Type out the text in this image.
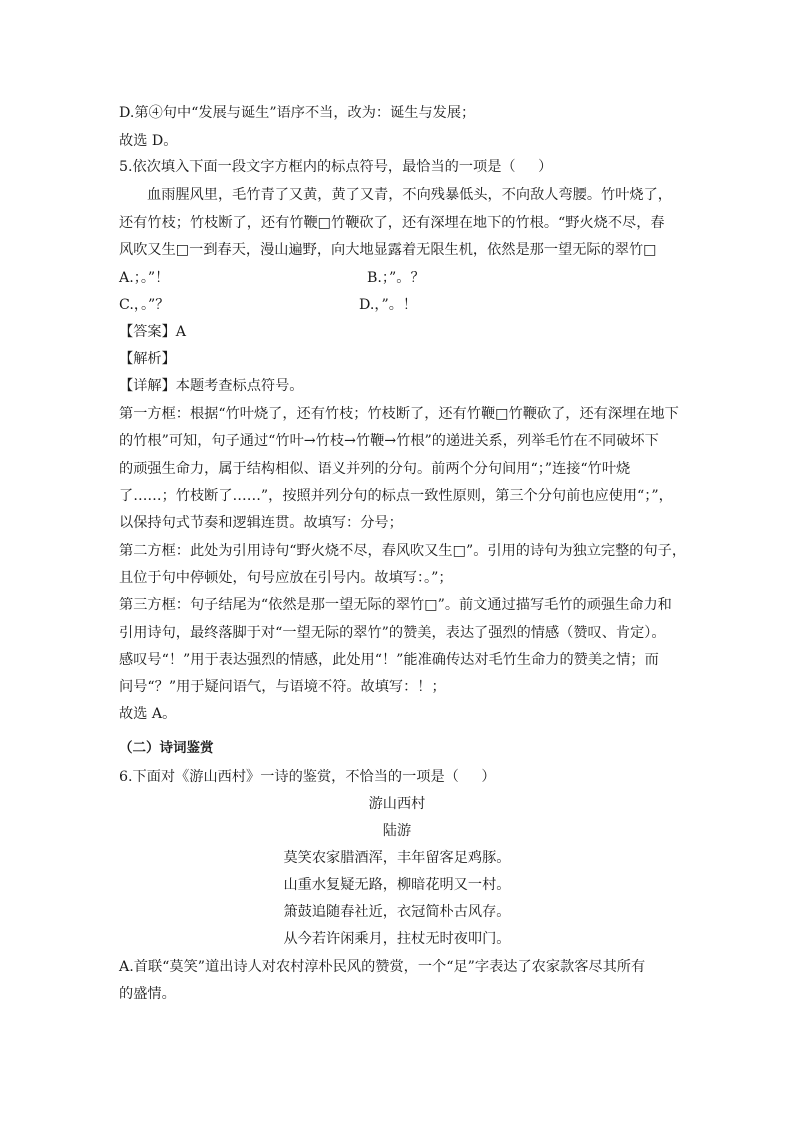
D.第④句中“发展与诞生”语序不当，改为：诞生与发展；
故选 D。
5.依次填入下面一段文字方框内的标点符号，最恰当的一项是（     ）
血雨腥风里，毛竹青了又黄，黄了又青，不向残暴低头，不向敌人弯腰。竹叶烧了，
还有竹枝；竹枝断了，还有竹鞭□竹鞭砍了，还有深埋在地下的竹根。“野火烧不尽，春
风吹又生□一到春天，漫山遍野，向大地显露着无限生机，依然是那一望无际的翠竹□
A.；。”！	B.；”。？
C.，。”？	D.，”。！
【答案】A
【解析】
【详解】本题考查标点符号。
第一方框：根据“竹叶烧了，还有竹枝；竹枝断了，还有竹鞭□竹鞭砍了，还有深埋在地下
的竹根”可知，句子通过“竹叶→竹枝→竹鞭→竹根”的递进关系，列举毛竹在不同破坏下
的顽强生命力，属于结构相似、语义并列的分句。前两个分句间用“；”连接“竹叶烧
了……；竹枝断了……”，按照并列分句的标点一致性原则，第三个分句前也应使用“；”，
以保持句式节奏和逻辑连贯。故填写：分号；
第二方框：此处为引用诗句“野火烧不尽，春风吹又生□”。引用的诗句为独立完整的句子，
且位于句中停顿处，句号应放在引号内。故填写：。”；
第三方框：句子结尾为“依然是那一望无际的翠竹□”。前文通过描写毛竹的顽强生命力和
引用诗句，最终落脚于对“一望无际的翠竹”的赞美，表达了强烈的情感（赞叹、肯定）。
感叹号“！”用于表达强烈的情感，此处用“！”能准确传达对毛竹生命力的赞美之情；而
问号“？”用于疑问语气，与语境不符。故填写：！；
故选 A。
（二）诗词鉴赏
6.下面对《游山西村》一诗的鉴赏，不恰当的一项是（     ）
游山西村
陆游
莫笑农家腊酒浑，丰年留客足鸡豚。
山重水复疑无路，柳暗花明又一村。
箫鼓追随春社近，衣冠简朴古风存。
从今若许闲乘月，拄杖无时夜叩门。
A.首联“莫笑”道出诗人对农村淳朴民风的赞赏，一个“足”字表达了农家款客尽其所有
的盛情。
